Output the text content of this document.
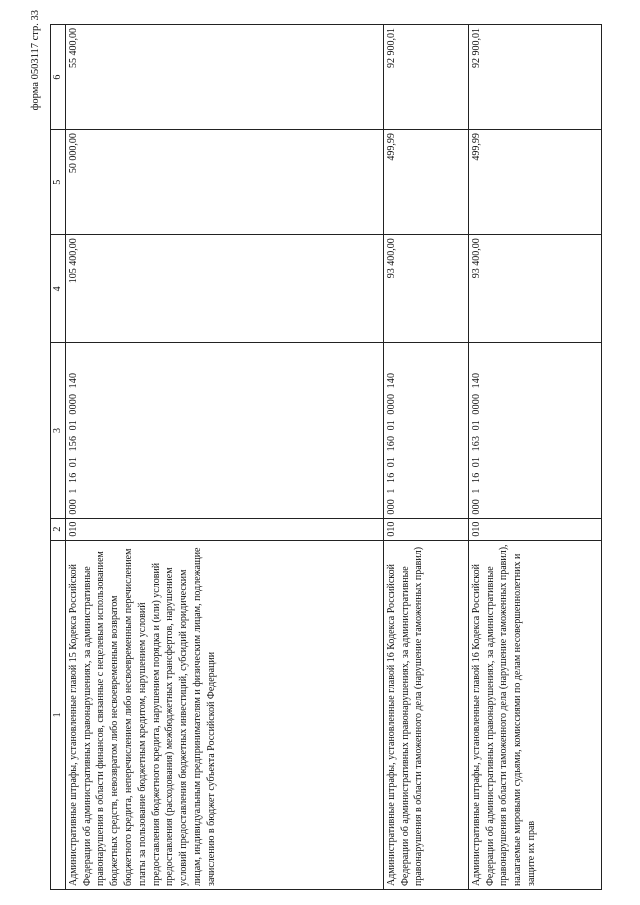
форма 0503117 стр. 33
1	2	3	4	5	6
Административные штрафы, установленные главой 15 Кодекса Российской Федерации об административных правонарушениях, за административные правонарушения в области финансов, связанные с нецелевым использованием бюджетных средств, невозвратом либо несвоевременным возвратом бюджетного кредита, неперечислением либо несвоевременным перечислением платы за пользование бюджетным кредитом, нарушением условий предоставления бюджетного кредита, нарушением порядка и (или) условий предоставления (расходования) межбюджетных трансфертов, нарушением условий предоставления бюджетных инвестиций, субсидий юридическим лицам, индивидуальным предпринимателям и физическим лицам, подлежащие зачислению в бюджет субъекта Российской Федерации	010	000  1  16  01  156  01  0000  140	105 400,00	50 000,00	55 400,00
Административные штрафы, установленные главой 16 Кодекса Российской Федерации об административных правонарушениях, за административные правонарушения в области таможенного дела (нарушение таможенных правил)	010	000  1  16  01  160  01  0000  140	93 400,00	499,99	92 900,01
Административные штрафы, установленные главой 16 Кодекса Российской Федерации об административных правонарушениях, за административные правонарушения в области таможенного дела (нарушение таможенных правил), налагаемые мировыми судьями, комиссиями по делам несовершеннолетних и защите их прав	010	000  1  16  01  163  01  0000  140	93 400,00	499,99	92 900,01
